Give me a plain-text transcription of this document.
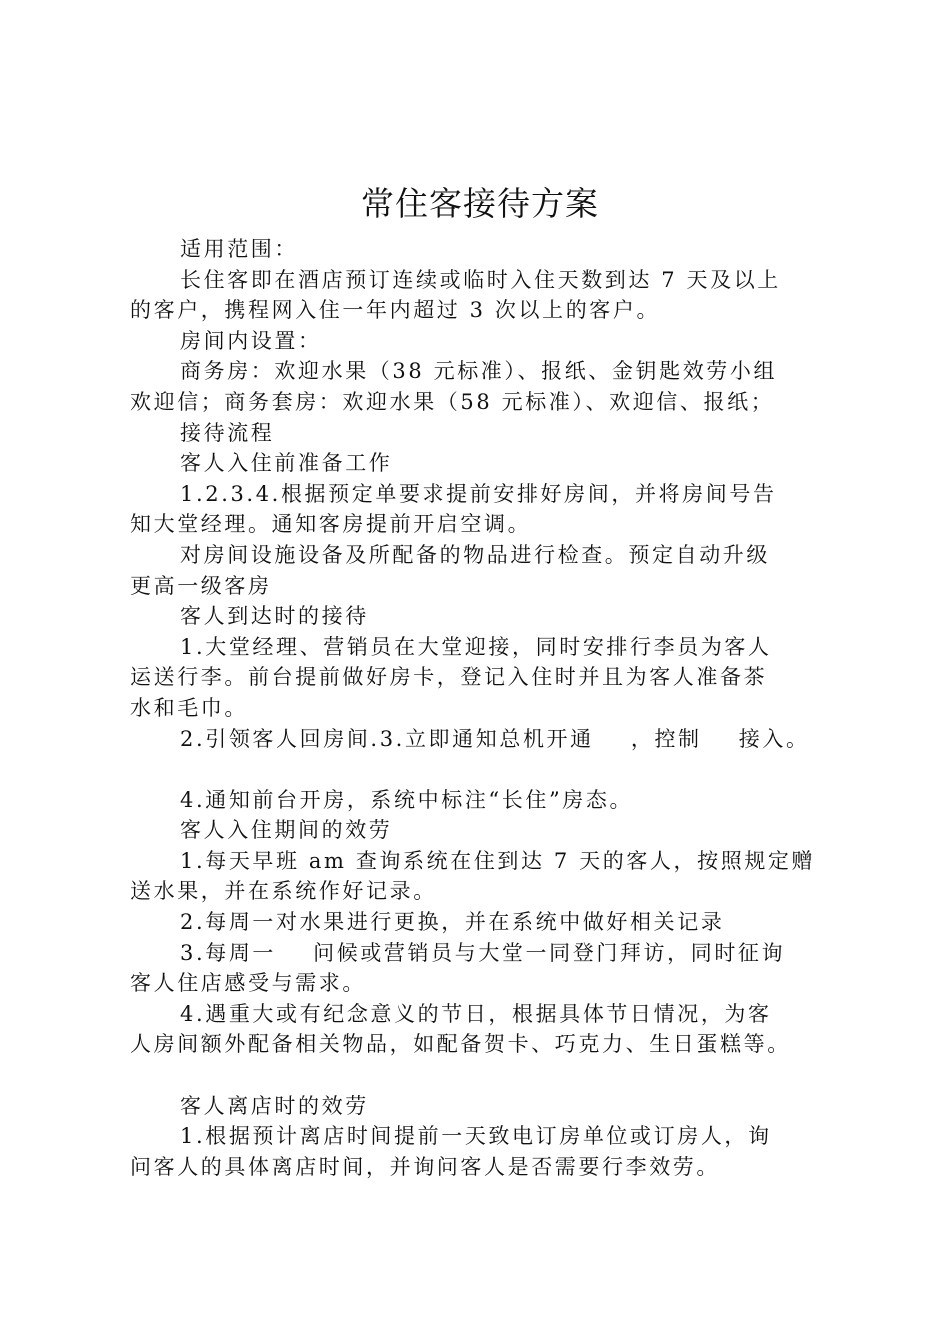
常住客接待方案
适用范围：
长住客即在酒店预订连续或临时入住天数到达 7 天及以上
的客户，携程网入住一年内超过 3 次以上的客户。
房间内设置：
商务房：欢迎水果（38 元标准）、报纸、金钥匙效劳小组
欢迎信；商务套房：欢迎水果（58 元标准）、欢迎信、报纸；
接待流程
客人入住前准备工作
1.2.3.4.根据预定单要求提前安排好房间，并将房间号告
知大堂经理。通知客房提前开启空调。
对房间设施设备及所配备的物品进行检查。预定自动升级
更高一级客房
客人到达时的接待
1.大堂经理、营销员在大堂迎接，同时安排行李员为客人
运送行李。前台提前做好房卡，登记入住时并且为客人准备茶
水和毛巾。
2.引领客人回房间.3.立即通知总机开通    ，控制    接入。
4.通知前台开房，系统中标注“长住”房态。
客人入住期间的效劳
1.每天早班 am 查询系统在住到达 7 天的客人，按照规定赠
送水果，并在系统作好记录。
2.每周一对水果进行更换，并在系统中做好相关记录
3.每周一    问候或营销员与大堂一同登门拜访，同时征询
客人住店感受与需求。
4.遇重大或有纪念意义的节日，根据具体节日情况，为客
人房间额外配备相关物品，如配备贺卡、巧克力、生日蛋糕等。
客人离店时的效劳
1.根据预计离店时间提前一天致电订房单位或订房人，询
问客人的具体离店时间，并询问客人是否需要行李效劳。
